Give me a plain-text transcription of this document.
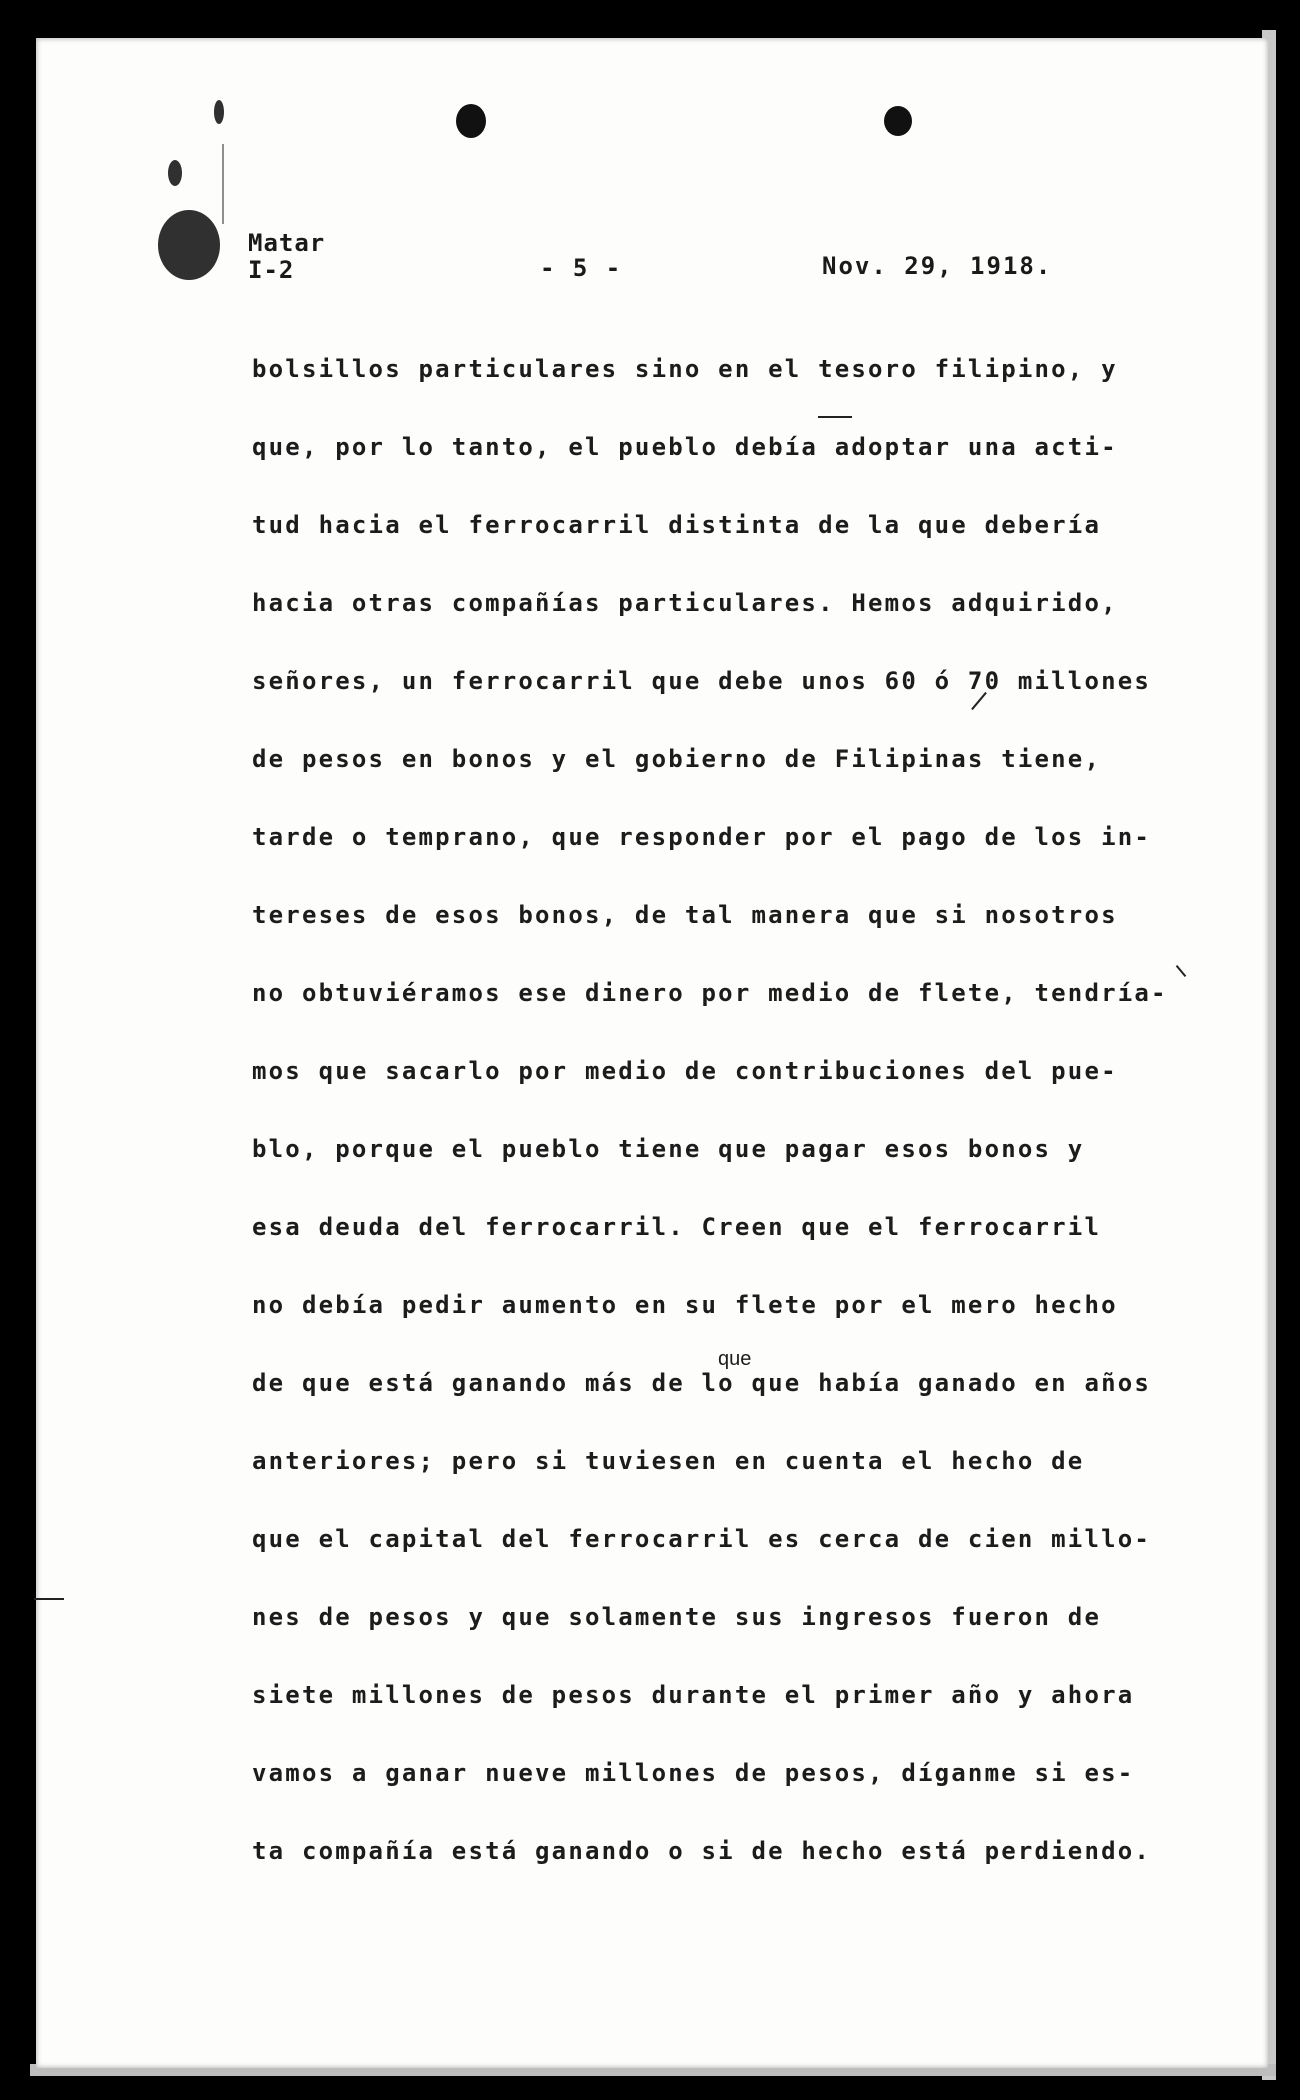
Matar
I-2	- 5 -	Nov. 29, 1918.
bolsillos particulares sino en el tesoro filipino, y
que, por lo tanto, el pueblo debía adoptar una acti-
tud hacia el ferrocarril distinta de la que debería
hacia otras compañías particulares. Hemos adquirido,
señores, un ferrocarril que debe unos 60 ó 70 millones
de pesos en bonos y el gobierno de Filipinas tiene,
tarde o temprano, que responder por el pago de los in-
tereses de esos bonos, de tal manera que si nosotros
no obtuviéramos ese dinero por medio de flete, tendría-
mos que sacarlo por medio de contribuciones del pue-
blo, porque el pueblo tiene que pagar esos bonos y
esa deuda del ferrocarril. Creen que el ferrocarril
no debía pedir aumento en su flete por el mero hecho
de que está ganando más de lo que había ganado en años
anteriores; pero si tuviesen en cuenta el hecho de
que el capital del ferrocarril es cerca de cien millo-
nes de pesos y que solamente sus ingresos fueron de
siete millones de pesos durante el primer año y ahora
vamos a ganar nueve millones de pesos, díganme si es-
ta compañía está ganando o si de hecho está perdiendo.
que
